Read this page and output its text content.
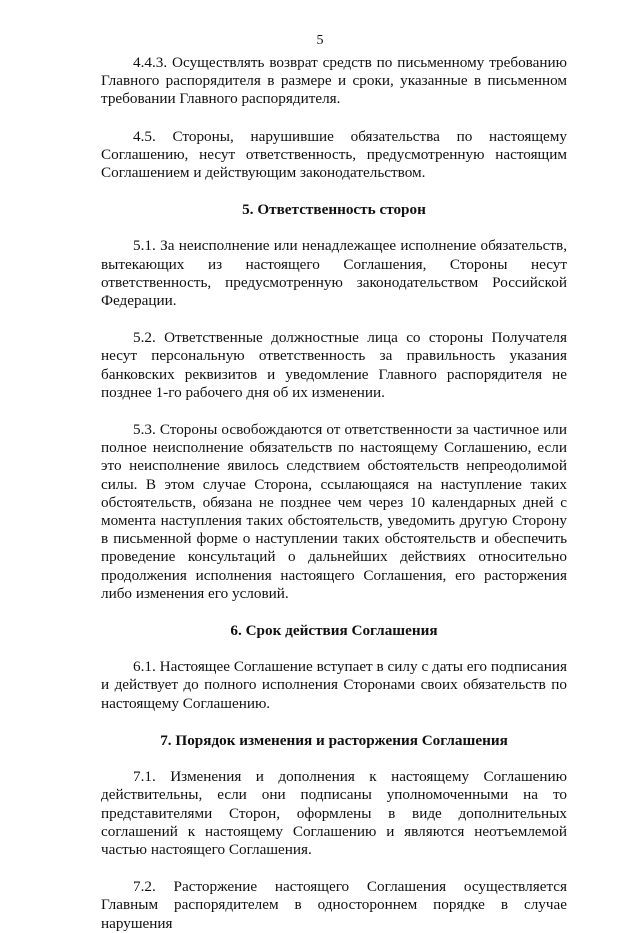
5

4.4.3. Осуществлять возврат средств по письменному требованию Главного распорядителя в размере и сроки, указанные в письменном требовании Главного распорядителя.

4.5. Стороны, нарушившие обязательства по настоящему Соглашению, несут ответственность, предусмотренную настоящим Соглашением и действующим законодательством.

5. Ответственность сторон

5.1. За неисполнение или ненадлежащее исполнение обязательств, вытекающих из настоящего Соглашения, Стороны несут ответственность, предусмотренную законодательством Российской Федерации.

5.2. Ответственные должностные лица со стороны Получателя несут персональную ответственность за правильность указания банковских реквизитов и уведомление Главного распорядителя не позднее 1-го рабочего дня об их изменении.

5.3. Стороны освобождаются от ответственности за частичное или полное неисполнение обязательств по настоящему Соглашению, если это неисполнение явилось следствием обстоятельств непреодолимой силы. В этом случае Сторона, ссылающаяся на наступление таких обстоятельств, обязана не позднее чем через 10 календарных дней с момента наступления таких обстоятельств, уведомить другую Сторону в письменной форме о наступлении таких обстоятельств и обеспечить проведение консультаций о дальнейших действиях относительно продолжения исполнения настоящего Соглашения, его расторжения либо изменения его условий.

6. Срок действия Соглашения

6.1. Настоящее Соглашение вступает в силу с даты его подписания и действует до полного исполнения Сторонами своих обязательств по настоящему Соглашению.

7. Порядок изменения и расторжения Соглашения

7.1. Изменения и дополнения к настоящему Соглашению действительны, если они подписаны уполномоченными на то представителями Сторон, оформлены в виде дополнительных соглашений к настоящему Соглашению и являются неотъемлемой частью настоящего Соглашения.

7.2. Расторжение настоящего Соглашения осуществляется Главным распорядителем в одностороннем порядке в случае нарушения
